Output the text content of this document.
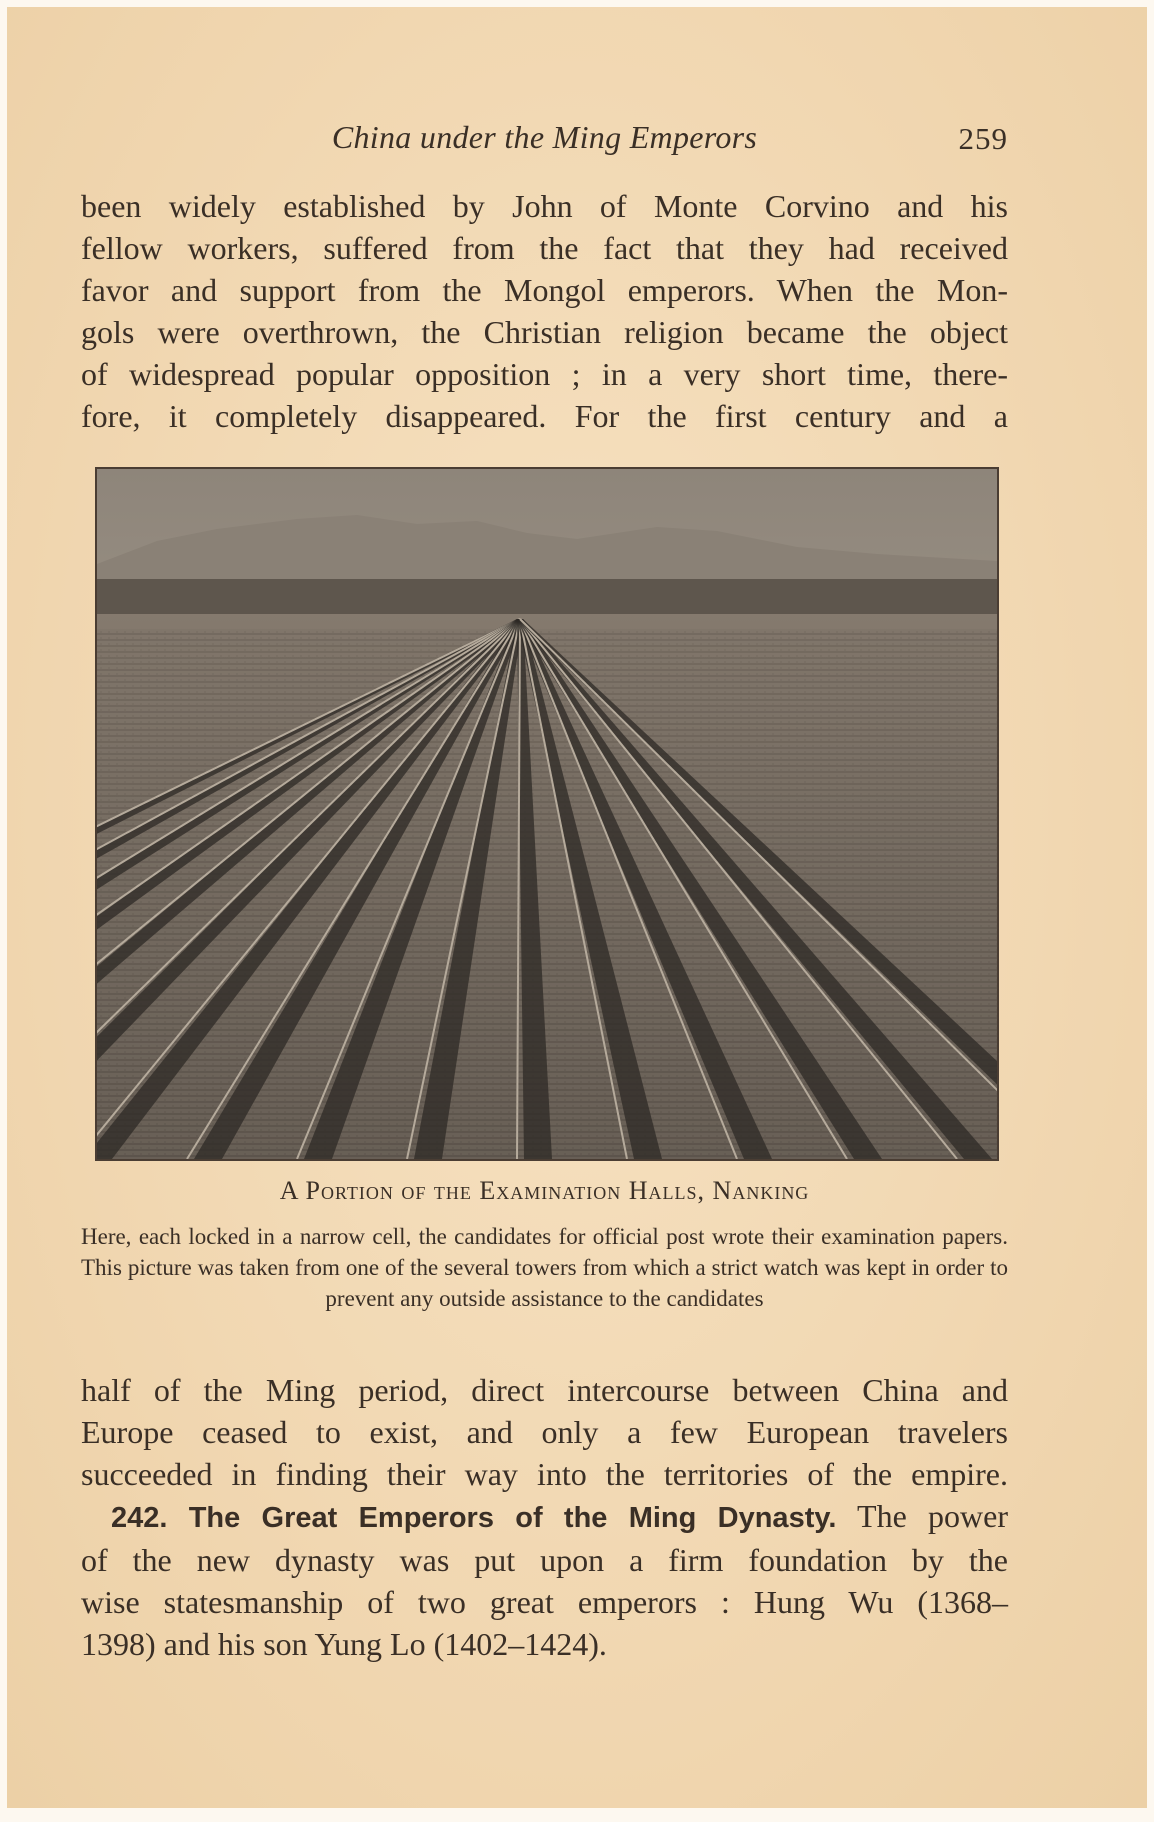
China under the Ming Emperors	259
been widely established by John of Monte Corvino and his
fellow workers, suffered from the fact that they had received
favor and support from the Mongol emperors. When the Mon-
gols were overthrown, the Christian religion became the object
of widespread popular opposition ; in a very short time, there-
fore, it completely disappeared. For the first century and a
A Portion of the Examination Halls, Nanking
Here, each locked in a narrow cell, the candidates for official post wrote their examination papers. This picture was taken from one of the several towers from which a strict watch was kept in order to prevent any outside assistance to the candidates
half of the Ming period, direct intercourse between China and
Europe ceased to exist, and only a few European travelers
succeeded in finding their way into the territories of the empire.
242. The Great Emperors of the Ming Dynasty. The power
of the new dynasty was put upon a firm foundation by the
wise statesmanship of two great emperors : Hung Wu (1368–
1398) and his son Yung Lo (1402–1424).
